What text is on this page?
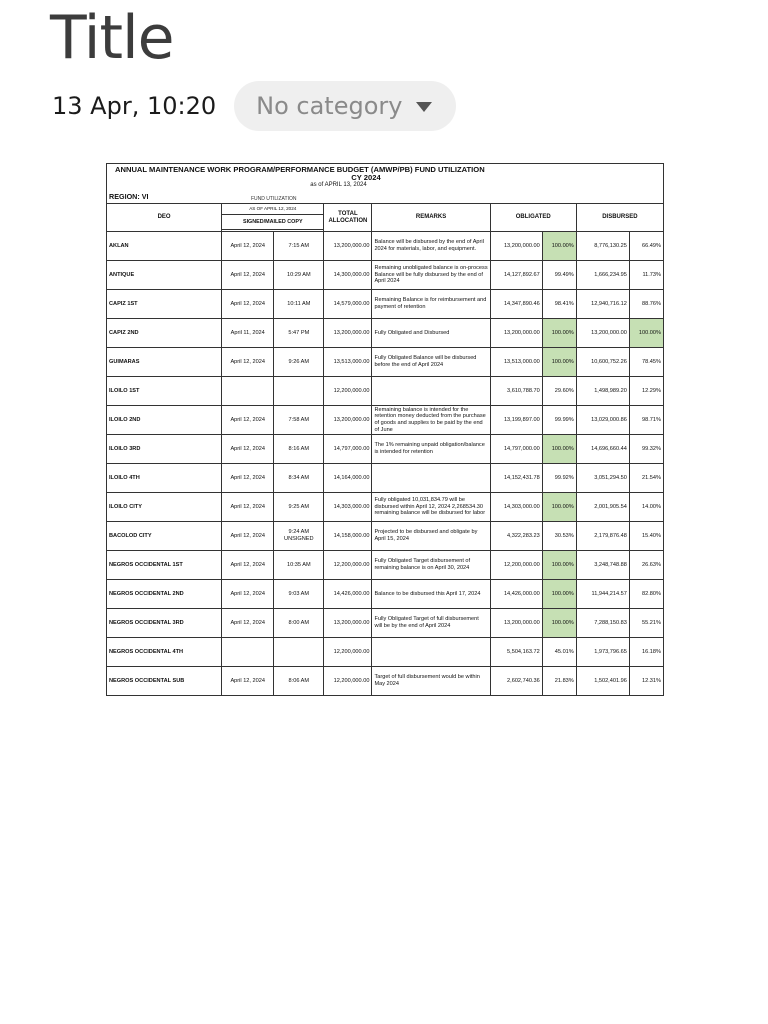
Title
13 Apr, 10:20 No category
ANNUAL MAINTENANCE WORK PROGRAM/PERFORMANCE BUDGET (AMWP/PB) FUND UTILIZATION
CY 2024
as of APRIL 13, 2024
REGION: VI	FUND UTILIZATION
DEO	AS OF APRIL 12, 2024		TOTAL ALLOCATION	REMARKS	OBLIGATED		DISBURSED	
	SIGNED/MAILED COPY							

AKLAN	April 12, 2024	7:15 AM	13,200,000.00	Balance will be disbursed by the end of April 2024 for materials, labor, and equipment.	13,200,000.00	100.00%	8,776,130.25	66.49%
ANTIQUE	April 12, 2024	10:29 AM	14,300,000.00	Remaining unobligated balance is on-process Balance will be fully disbursed by the end of April 2024	14,127,892.67	99.49%	1,666,234.95	11.73%
CAPIZ 1ST	April 12, 2024	10:11 AM	14,579,000.00	Remaining Balance is for reimbursement and payment of retention	14,347,890.46	98.41%	12,940,716.12	88.76%
CAPIZ 2ND	April 11, 2024	5:47 PM	13,200,000.00	Fully Obligated and Disbursed	13,200,000.00	100.00%	13,200,000.00	100.00%
GUIMARAS	April 12, 2024	9:26 AM	13,513,000.00	Fully Obligated Balance will be disbursed before the end of April 2024	13,513,000.00	100.00%	10,600,752.26	78.45%
ILOILO 1ST			12,200,000.00		3,610,788.70	29.60%	1,498,989.20	12.29%
ILOILO 2ND	April 12, 2024	7:58 AM	13,200,000.00	Remaining balance is intended for the retention money deducted from the purchase of goods and supplies to be paid by the end of June	13,199,897.00	99.99%	13,029,000.86	98.71%
ILOILO 3RD	April 12, 2024	8:16 AM	14,797,000.00	The 1% remaining unpaid obligation/balance is intended for retention	14,797,000.00	100.00%	14,696,660.44	99.32%
ILOILO 4TH	April 12, 2024	8:34 AM	14,164,000.00		14,152,431.78	99.92%	3,051,294.50	21.54%
ILOILO CITY	April 12, 2024	9:25 AM	14,303,000.00	Fully obligated 10,031,834.79 will be disbursed within April 12, 2024 2,268534.30 remaining balance will be disbursed for labor	14,303,000.00	100.00%	2,001,905.54	14.00%
BACOLOD CITY	April 12, 2024	9:24 AM UNSIGNED	14,158,000.00	Projected to be disbursed and obligate by April 15, 2024	4,322,283.23	30.53%	2,179,876.48	15.40%
NEGROS OCCIDENTAL 1ST	April 12, 2024	10:35 AM	12,200,000.00	Fully Obligated Target disbursement of remaining balance is on April 30, 2024	12,200,000.00	100.00%	3,248,748.88	26.63%
NEGROS OCCIDENTAL 2ND	April 12, 2024	9:03 AM	14,426,000.00	Balance to be disbursed this April 17, 2024	14,426,000.00	100.00%	11,944,214.57	82.80%
NEGROS OCCIDENTAL 3RD	April 12, 2024	8:00 AM	13,200,000.00	Fully Obligated Target of full disbursement will be by the end of April 2024	13,200,000.00	100.00%	7,288,150.83	55.21%
NEGROS OCCIDENTAL 4TH			12,200,000.00		5,504,163.72	45.01%	1,973,796.65	16.18%
NEGROS OCCIDENTAL SUB	April 12, 2024	8:06 AM	12,200,000.00	Target of full disbursement would be within May 2024	2,602,740.36	21.83%	1,502,401.96	12.31%
